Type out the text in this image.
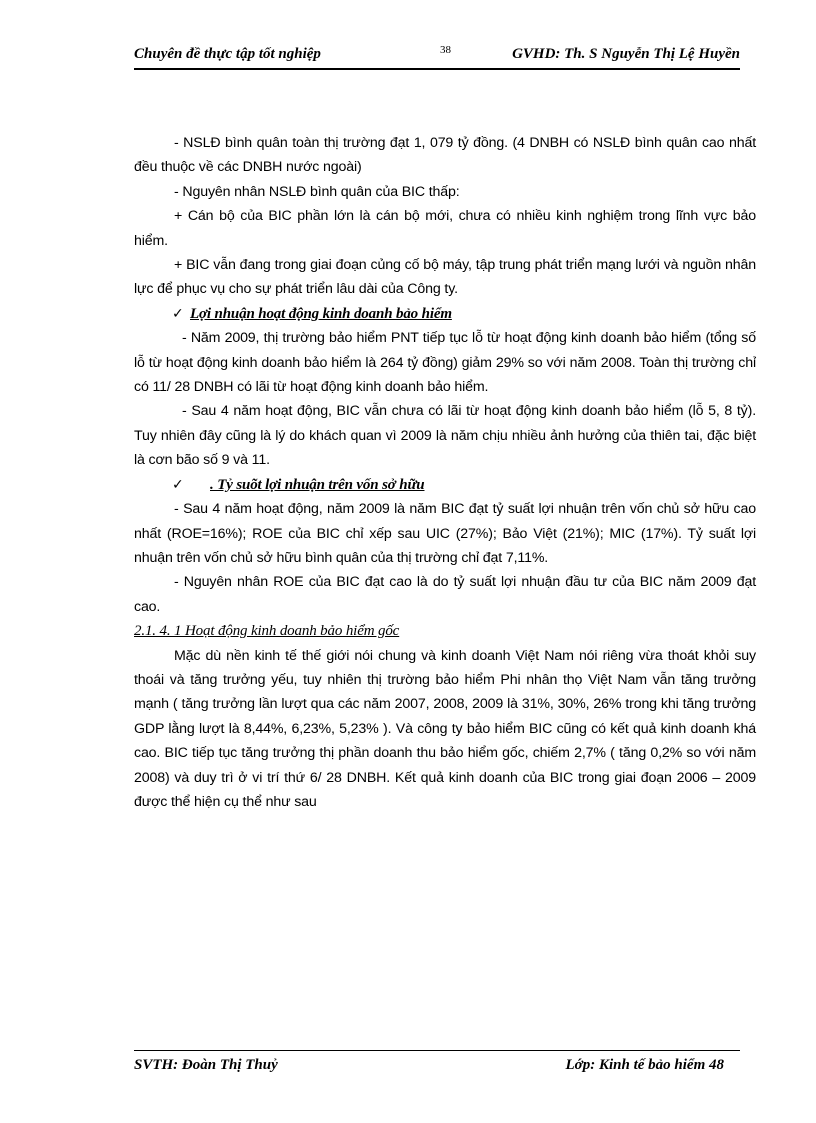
Chuyên đề thực tập tốt nghiệp	38	GVHD: Th. S Nguyễn Thị Lệ Huyền

- NSLĐ bình quân toàn thị trường đạt 1, 079 tỷ đồng. (4 DNBH có NSLĐ bình quân cao nhất đều thuộc về các DNBH nước ngoài)

- Nguyên nhân NSLĐ bình quân của BIC thấp:

+ Cán bộ của BIC phần lớn là cán bộ mới, chưa có nhiều kinh nghiệm trong lĩnh vực bảo hiểm.

+ BIC vẫn đang trong giai đoạn củng cố bộ máy, tập trung phát triển mạng lưới và nguồn nhân lực để phục vụ cho sự phát triển lâu dài của Công ty.

✓ Lợi nhuận hoạt động kinh doanh bảo hiểm

- Năm 2009, thị trường bảo hiểm PNT tiếp tục lỗ từ hoạt động kinh doanh bảo hiểm (tổng số lỗ từ hoạt động kinh doanh bảo hiểm là 264 tỷ đồng) giảm 29% so với năm 2008. Toàn thị trường chỉ có 11/ 28 DNBH có lãi từ hoạt động kinh doanh bảo hiểm.

- Sau 4 năm hoạt động, BIC vẫn chưa có lãi từ hoạt động kinh doanh bảo hiểm (lỗ 5, 8 tỷ). Tuy nhiên đây cũng là lý do khách quan vì 2009 là năm chịu nhiều ảnh hưởng của thiên tai, đặc biệt là cơn bão số 9 và 11.

✓ . Tỷ suõt lợi nhuận trên vốn sở hữu

- Sau 4 năm hoạt động, năm 2009 là năm BIC đạt tỷ suất lợi nhuận trên vốn chủ sở hữu cao nhất (ROE=16%); ROE của BIC chỉ xếp sau UIC (27%); Bảo Việt (21%); MIC (17%). Tỷ suất lợi nhuận trên vốn chủ sở hữu bình quân của thị trường chỉ đạt 7,11%.

- Nguyên nhân ROE của BIC đạt cao là do tỷ suất lợi nhuận đầu tư của BIC năm 2009 đạt cao.

2.1. 4. 1 Hoạt động kinh doanh bảo hiểm gốc

Mặc dù nền kinh tế thế giới nói chung và kinh doanh Việt Nam nói riêng vừa thoát khỏi suy thoái và tăng trưởng yếu, tuy nhiên thị trường bảo hiểm Phi nhân thọ Việt Nam vẫn tăng trưởng mạnh ( tăng trưởng lần lượt qua các năm 2007, 2008, 2009 là 31%, 30%, 26% trong khi tăng trưởng GDP lằng lượt là 8,44%, 6,23%, 5,23% ). Và công ty bảo hiểm BIC cũng có kết quả kinh doanh khá cao. BIC tiếp tục tăng trưởng thị phần doanh thu bảo hiểm gốc, chiếm 2,7% ( tăng 0,2% so với năm 2008) và duy trì ở vi trí thứ 6/ 28 DNBH. Kết quả kinh doanh của BIC trong giai đoạn 2006 – 2009 được thể hiện cụ thể như sau

SVTH: Đoàn Thị Thuỷ	Lớp: Kinh tế bảo hiểm 48
